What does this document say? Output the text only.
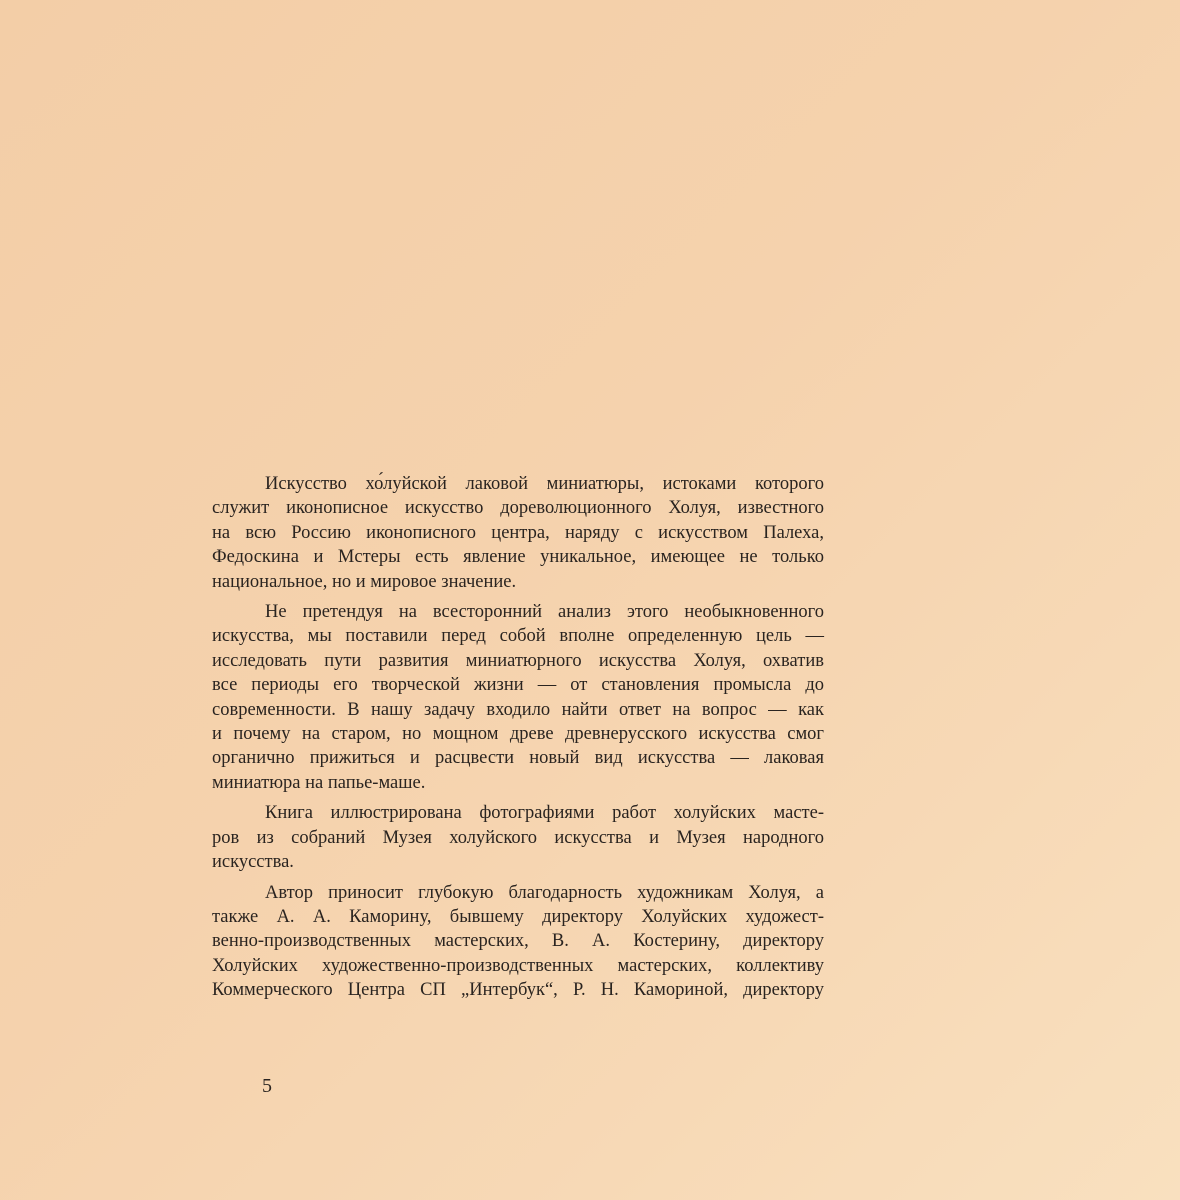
Искусство хо́луйской лаковой миниатюры, истоками которого
служит иконописное искусство дореволюционного Холуя, известного
на всю Россию иконописного центра, наряду с искусством Палеха,
Федоскина и Мстеры есть явление уникальное, имеющее не только
национальное, но и мировое значение.

Не претендуя на всесторонний анализ этого необыкновенного
искусства, мы поставили перед собой вполне определенную цель —
исследовать пути развития миниатюрного искусства Холуя, охватив
все периоды его творческой жизни — от становления промысла до
современности. В нашу задачу входило найти ответ на вопрос — как
и почему на старом, но мощном древе древнерусского искусства смог
органично прижиться и расцвести новый вид искусства — лаковая
миниатюра на папье-маше.

Книга иллюстрирована фотографиями работ холуйских масте-
ров из собраний Музея холуйского искусства и Музея народного
искусства.

Автор приносит глубокую благодарность художникам Холуя, а
также А. А. Каморину, бывшему директору Холуйских художест-
венно-производственных мастерских, В. А. Костерину, директору
Холуйских художественно-производственных мастерских, коллективу
Коммерческого Центра СП „Интербук“, Р. Н. Камориной, директору

5
